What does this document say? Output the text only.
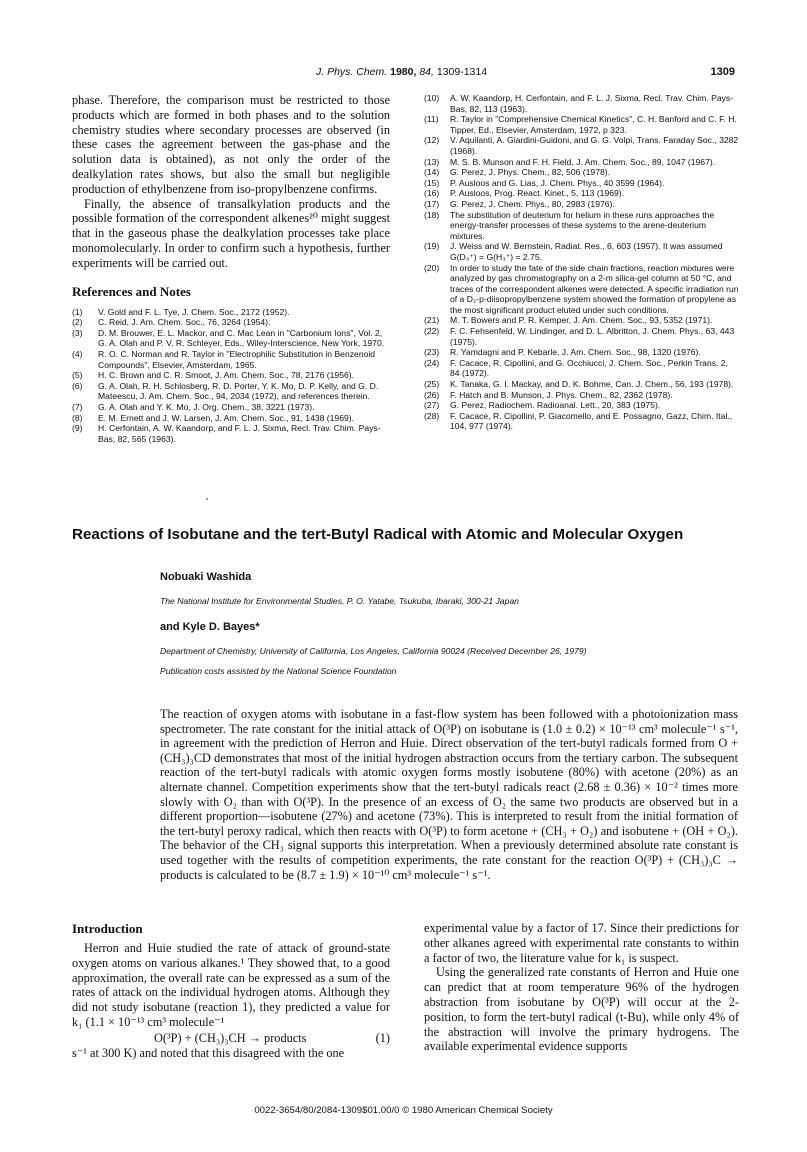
J. Phys. Chem. 1980, 84, 1309-1314	1309

phase. Therefore, the comparison must be restricted to those products which are formed in both phases and to the solution chemistry studies where secondary processes are observed (in these cases the agreement between the gas-phase and the solution data is obtained), as not only the order of the dealkylation rates shows, but also the small but negligible production of ethylbenzene from iso-propylbenzene confirms.

Finally, the absence of transalkylation products and the possible formation of the correspondent alkenes²⁰ might suggest that in the gaseous phase the dealkylation processes take place monomolecularly. In order to confirm such a hypothesis, further experiments will be carried out.

References and Notes
(1)	V. Gold and F. L. Tye, J. Chem. Soc., 2172 (1952).
(2)	C. Reid, J. Am. Chem. Soc., 76, 3264 (1954).
(3)	D. M. Brouwer, E. L. Mackor, and C. Mac Lean in "Carbonium Ions", Vol. 2, G. A. Olah and P. V. R. Schleyer, Eds., Wiley-Interscience, New York, 1970.
(4)	R. O. C. Norman and R. Taylor in "Electrophilic Substitution in Benzenoid Compounds", Elsevier, Amsterdam, 1965.
(5)	H. C. Brown and C. R. Smoot, J. Am. Chem. Soc., 78, 2176 (1956).
(6)	G. A. Olah, R. H. Schlosberg, R. D. Porter, Y. K. Mo, D. P. Kelly, and G. D. Mateescu, J. Am. Chem. Soc., 94, 2034 (1972), and references therein.
(7)	G. A. Olah and Y. K. Mo, J. Org. Chem., 38, 3221 (1973).
(8)	E. M. Ernett and J. W. Larsen, J. Am. Chem. Soc., 91, 1438 (1969).
(9)	H. Cerfontain, A. W. Kaandorp, and F. L. J. Sixma, Recl. Trav. Chim. Pays-Bas, 82, 565 (1963).
(10)	A. W. Kaandorp, H. Cerfontain, and F. L. J. Sixma, Recl. Trav. Chim. Pays-Bas, 82, 113 (1963).
(11)	R. Taylor in "Comprehensive Chemical Kinetics", C. H. Banford and C. F. H. Tipper, Ed., Elsevier, Amsterdam, 1972, p 323.
(12)	V. Aquilanti, A. Giardini-Guidoni, and G. G. Volpi, Trans. Faraday Soc., 3282 (1968).
(13)	M. S. B. Munson and F. H. Field, J. Am. Chem. Soc., 89, 1047 (1967).
(14)	G. Perez, J. Phys. Chem., 82, 506 (1978).
(15)	P. Ausloos and G. Lias, J. Chem. Phys., 40 3599 (1964).
(16)	P. Ausloos, Prog. React. Kinet., 5, 113 (1969).
(17)	G. Perez, J. Chem. Phys., 80, 2983 (1976).
(18)	The substitution of deuterium for helium in these runs approaches the energy-transfer processes of these systems to the arene-deuterium mixtures.
(19)	J. Weiss and W. Bernstein, Radiat. Res., 6, 603 (1957). It was assumed G(D₃⁺) = G(H₃⁺) = 2.75.
(20)	In order to study the fate of the side chain fractions, reaction mixtures were analyzed by gas chromatography on a 2-m silica-gel column at 50 °C, and traces of the correspondent alkenes were detected. A specific irradiation run of a D₂-p-diisopropylbenzene system showed the formation of propylene as the most significant product eluted under such conditions.
(21)	M. T. Bowers and P. R. Kemper, J. Am. Chem. Soc., 93, 5352 (1971).
(22)	F. C. Fehsenfeld, W. Lindinger, and D. L. Albritton, J. Chem. Phys., 63, 443 (1975).
(23)	R. Yamdagni and P. Kebarle, J. Am. Chem. Soc., 98, 1320 (1976).
(24)	F. Cacace, R. Cipollini, and G. Occhiucci, J. Chem. Soc., Perkin Trans. 2, 84 (1972).
(25)	K. Tanaka, G. I. Mackay, and D. K. Bohme, Can. J. Chem., 56, 193 (1978).
(26)	F. Hatch and B. Munson, J. Phys. Chem., 82, 2362 (1978).
(27)	G. Perez, Radiochem. Radioanal. Lett., 20, 383 (1975).
(28)	F. Cacace, R. Cipollini, P. Giacomello, and E. Possagno, Gazz, Chim. Ital., 104, 977 (1974).
Reactions of Isobutane and the tert-Butyl Radical with Atomic and Molecular Oxygen
Nobuaki Washida
The National Institute for Environmental Studies, P. O. Yatabe, Tsukuba, Ibaraki, 300-21 Japan
and Kyle D. Bayes*
Department of Chemistry, University of California, Los Angeles, California 90024 (Received December 26, 1979)
Publication costs assisted by the National Science Foundation

The reaction of oxygen atoms with isobutane in a fast-flow system has been followed with a photoionization mass spectrometer. The rate constant for the initial attack of O(³P) on isobutane is (1.0 ± 0.2) × 10⁻¹³ cm³ molecule⁻¹ s⁻¹, in agreement with the prediction of Herron and Huie. Direct observation of the tert-butyl radicals formed from O + (CH₃)₃CD demonstrates that most of the initial hydrogen abstraction occurs from the tertiary carbon. The subsequent reaction of the tert-butyl radicals with atomic oxygen forms mostly isobutene (80%) with acetone (20%) as an alternate channel. Competition experiments show that the tert-butyl radicals react (2.68 ± 0.36) × 10⁻² times more slowly with O₂ than with O(³P). In the presence of an excess of O₂ the same two products are observed but in a different proportion—isobutene (27%) and acetone (73%). This is interpreted to result from the initial formation of the tert-butyl peroxy radical, which then reacts with O(³P) to form acetone + (CH₃ + O₂) and isobutene + (OH + O₂). The behavior of the CH₃ signal supports this interpretation. When a previously determined absolute rate constant is used together with the results of competition experiments, the rate constant for the reaction O(³P) + (CH₃)₃C → products is calculated to be (8.7 ± 1.9) × 10⁻¹⁰ cm³ molecule⁻¹ s⁻¹.

Introduction

Herron and Huie studied the rate of attack of ground-state oxygen atoms on various alkanes.¹ They showed that, to a good approximation, the overall rate can be expressed as a sum of the rates of attack on the individual hydrogen atoms. Although they did not study isobutane (reaction 1), they predicted a value for k₁ (1.1 × 10⁻¹³ cm³ molecule⁻¹

O(³P) + (CH₃)₃CH → products	(1)

s⁻¹ at 300 K) and noted that this disagreed with the one

experimental value by a factor of 17. Since their predictions for other alkanes agreed with experimental rate constants to within a factor of two, the literature value for k₁ is suspect.

Using the generalized rate constants of Herron and Huie one can predict that at room temperature 96% of the hydrogen abstraction from isobutane by O(³P) will occur at the 2-position, to form the tert-butyl radical (t-Bu), while only 4% of the abstraction will involve the primary hydrogens. The available experimental evidence supports

0022-3654/80/2084-1309$01.00/0 © 1980 American Chemical Society
